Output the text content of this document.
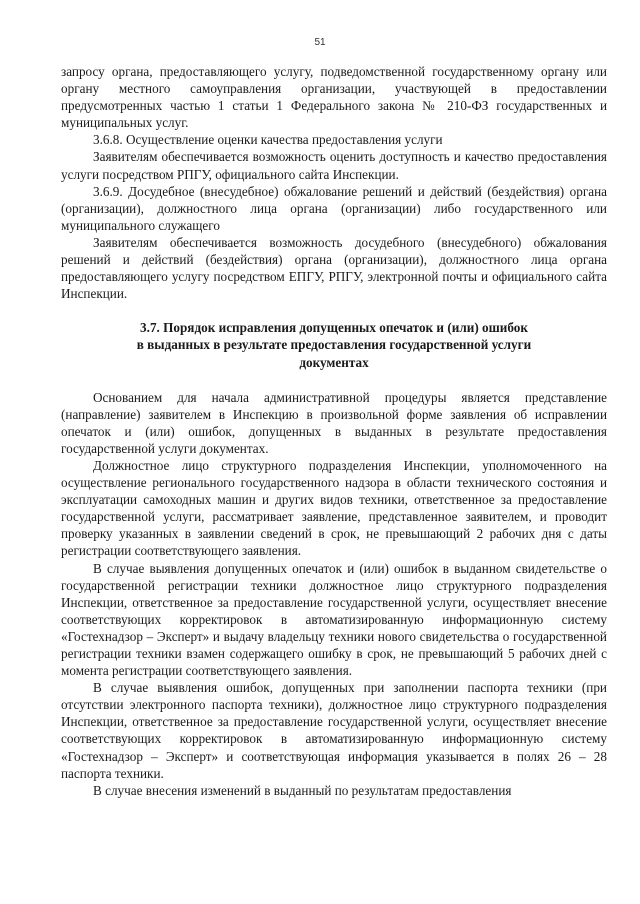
51

запросу органа, предоставляющего услугу, подведомственной государственному органу или органу местного самоуправления организации, участвующей в предоставлении предусмотренных частью 1 статьи 1 Федерального закона № 210-ФЗ государственных и муниципальных услуг.

3.6.8. Осуществление оценки качества предоставления услуги

Заявителям обеспечивается возможность оценить доступность и качество предоставления услуги посредством РПГУ, официального сайта Инспекции.

3.6.9. Досудебное (внесудебное) обжалование решений и действий (бездействия) органа (организации), должностного лица органа (организации) либо государственного или муниципального служащего

Заявителям обеспечивается возможность досудебного (внесудебного) обжалования решений и действий (бездействия) органа (организации), должностного лица органа предоставляющего услугу посредством ЕПГУ, РПГУ, электронной почты и официального сайта Инспекции.

3.7. Порядок исправления допущенных опечаток и (или) ошибок
в выданных в результате предоставления государственной услуги
документах

Основанием для начала административной процедуры является представление (направление) заявителем в Инспекцию в произвольной форме заявления об исправлении опечаток и (или) ошибок, допущенных в выданных в результате предоставления государственной услуги документах.

Должностное лицо структурного подразделения Инспекции, уполномоченного на осуществление регионального государственного надзора в области технического состояния и эксплуатации самоходных машин и других видов техники, ответственное за предоставление государственной услуги, рассматривает заявление, представленное заявителем, и проводит проверку указанных в заявлении сведений в срок, не превышающий 2 рабочих дня с даты регистрации соответствующего заявления.

В случае выявления допущенных опечаток и (или) ошибок в выданном свидетельстве о государственной регистрации техники должностное лицо структурного подразделения Инспекции, ответственное за предоставление государственной услуги, осуществляет внесение соответствующих корректировок в автоматизированную информационную систему «Гостехнадзор – Эксперт» и выдачу владельцу техники нового свидетельства о государственной регистрации техники взамен содержащего ошибку в срок, не превышающий 5 рабочих дней с момента регистрации соответствующего заявления.

В случае выявления ошибок, допущенных при заполнении паспорта техники (при отсутствии электронного паспорта техники), должностное лицо структурного подразделения Инспекции, ответственное за предоставление государственной услуги, осуществляет внесение соответствующих корректировок в автоматизированную информационную систему «Гостехнадзор – Эксперт» и соответствующая информация указывается в полях 26 – 28 паспорта техники.

В случае внесения изменений в выданный по результатам предоставления
